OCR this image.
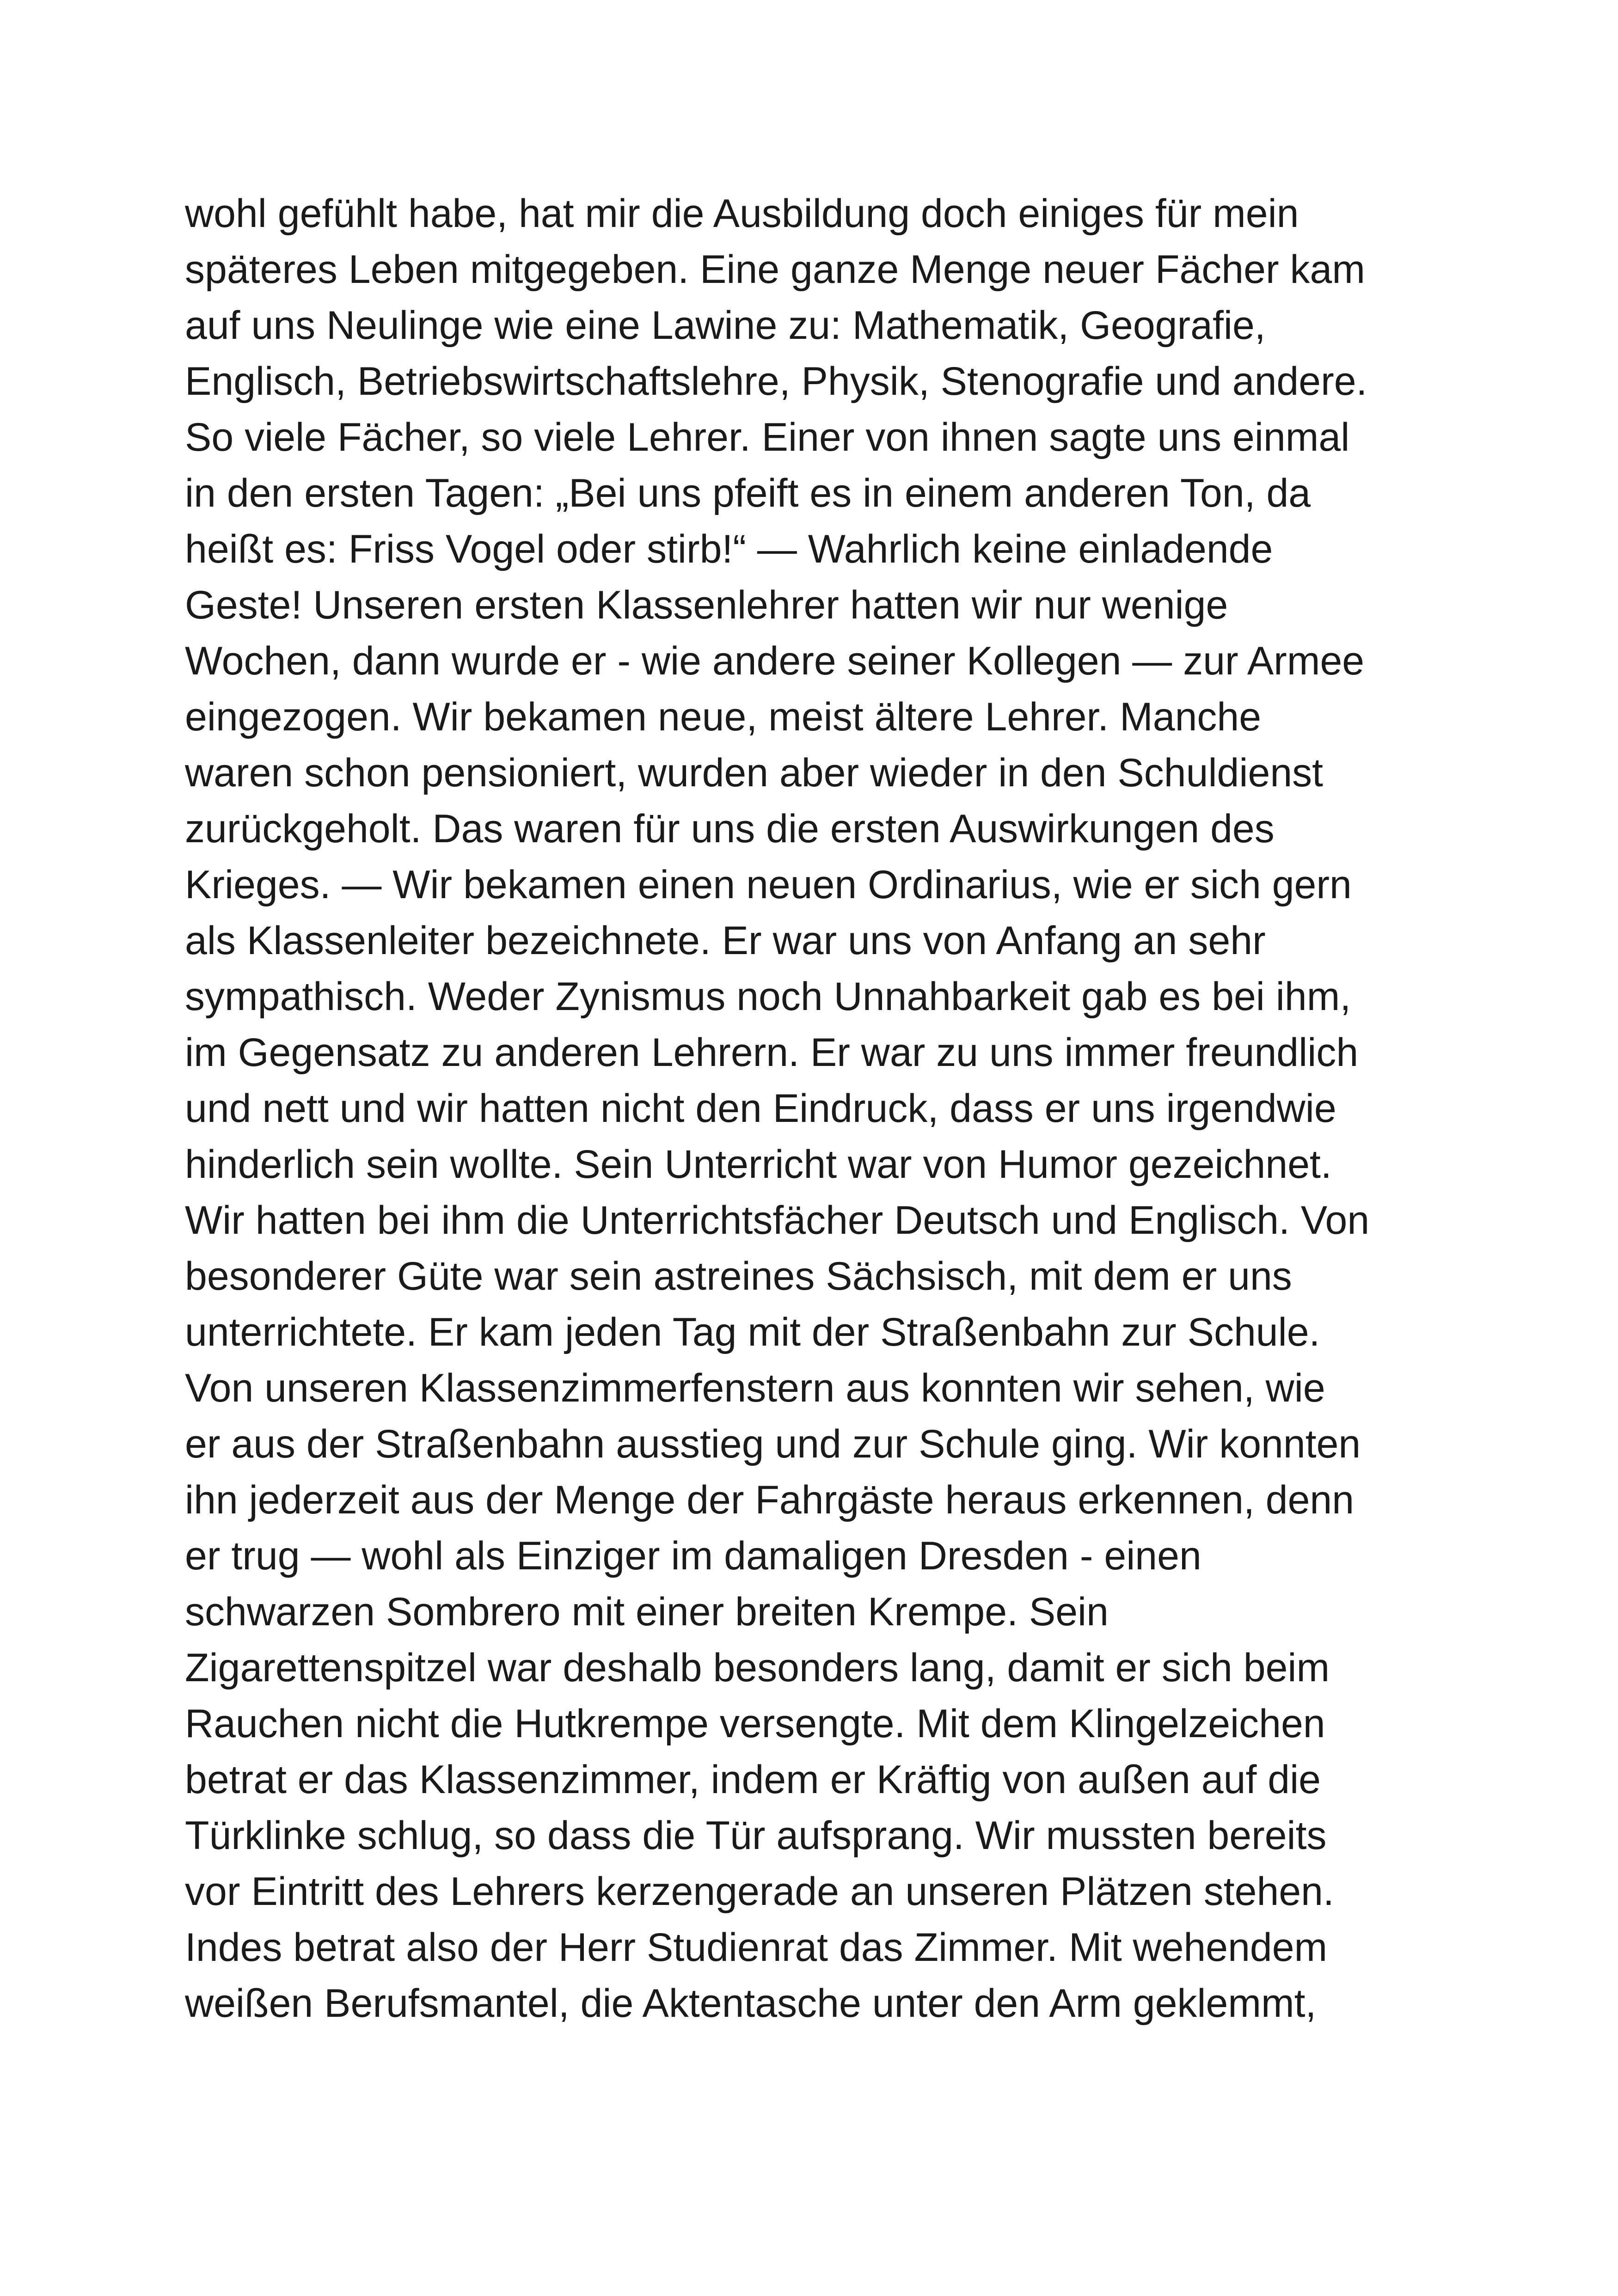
wohl gefühlt habe, hat mir die Ausbildung doch einiges für mein
späteres Leben mitgegeben. Eine ganze Menge neuer Fächer kam
auf uns Neulinge wie eine Lawine zu: Mathematik, Geografie,
Englisch, Betriebswirtschaftslehre, Physik, Stenografie und andere.
So viele Fächer, so viele Lehrer. Einer von ihnen sagte uns einmal
in den ersten Tagen: „Bei uns pfeift es in einem anderen Ton, da
heißt es: Friss Vogel oder stirb!“ — Wahrlich keine einladende
Geste! Unseren ersten Klassenlehrer hatten wir nur wenige
Wochen, dann wurde er - wie andere seiner Kollegen — zur Armee
eingezogen. Wir bekamen neue, meist ältere Lehrer. Manche
waren schon pensioniert, wurden aber wieder in den Schuldienst
zurückgeholt. Das waren für uns die ersten Auswirkungen des
Krieges. — Wir bekamen einen neuen Ordinarius, wie er sich gern
als Klassenleiter bezeichnete. Er war uns von Anfang an sehr
sympathisch. Weder Zynismus noch Unnahbarkeit gab es bei ihm,
im Gegensatz zu anderen Lehrern. Er war zu uns immer freundlich
und nett und wir hatten nicht den Eindruck, dass er uns irgendwie
hinderlich sein wollte. Sein Unterricht war von Humor gezeichnet.
Wir hatten bei ihm die Unterrichtsfächer Deutsch und Englisch. Von
besonderer Güte war sein astreines Sächsisch, mit dem er uns
unterrichtete. Er kam jeden Tag mit der Straßenbahn zur Schule.
Von unseren Klassenzimmerfenstern aus konnten wir sehen, wie
er aus der Straßenbahn ausstieg und zur Schule ging. Wir konnten
ihn jederzeit aus der Menge der Fahrgäste heraus erkennen, denn
er trug — wohl als Einziger im damaligen Dresden - einen
schwarzen Sombrero mit einer breiten Krempe. Sein
Zigarettenspitzel war deshalb besonders lang, damit er sich beim
Rauchen nicht die Hutkrempe versengte. Mit dem Klingelzeichen
betrat er das Klassenzimmer, indem er Kräftig von außen auf die
Türklinke schlug, so dass die Tür aufsprang. Wir mussten bereits
vor Eintritt des Lehrers kerzengerade an unseren Plätzen stehen.
Indes betrat also der Herr Studienrat das Zimmer. Mit wehendem
weißen Berufsmantel, die Aktentasche unter den Arm geklemmt,
